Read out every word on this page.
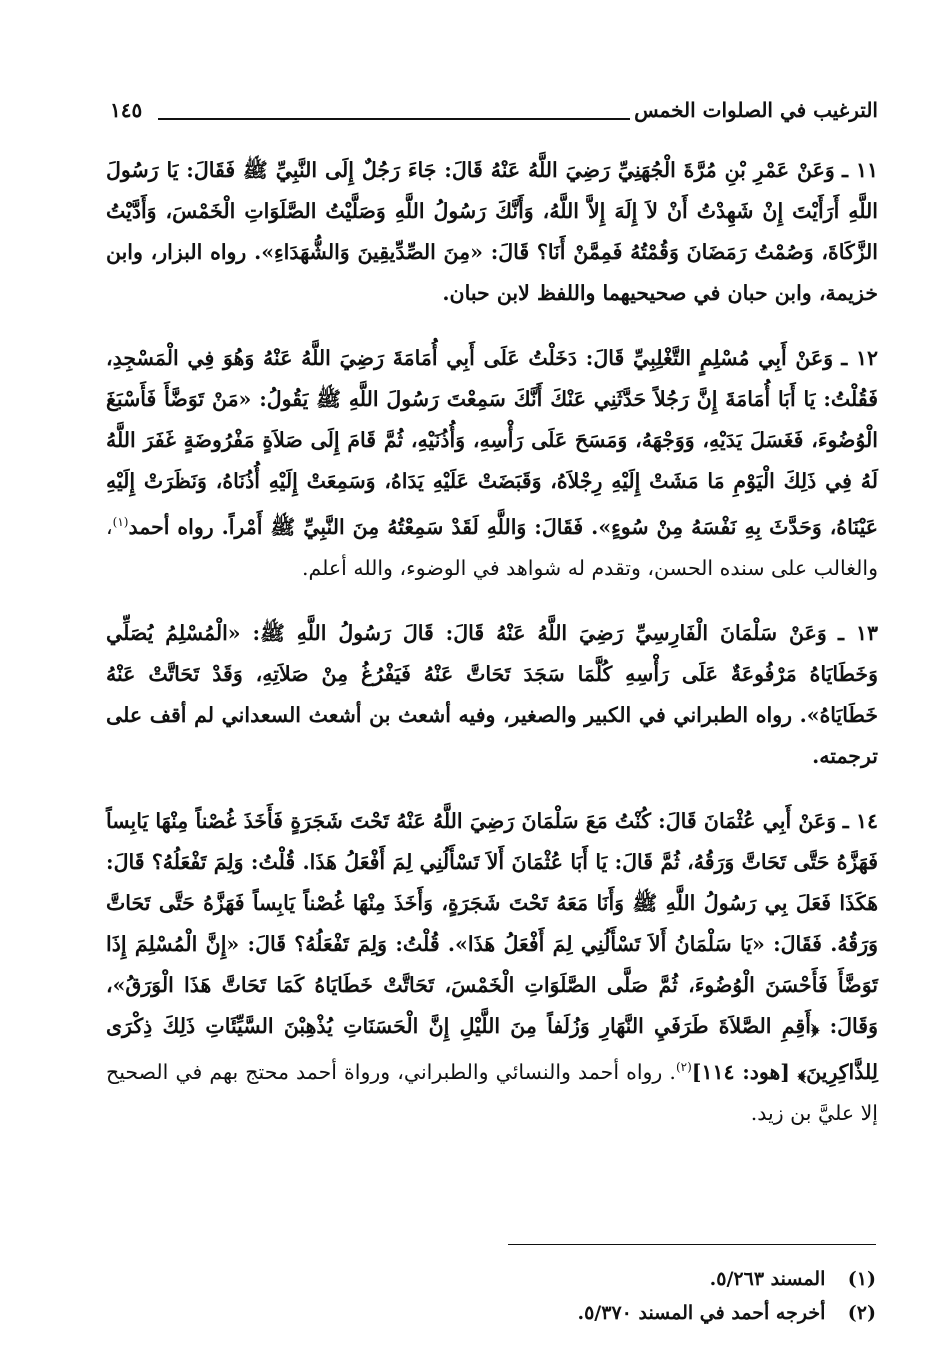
الترغيب في الصلوات الخمس
١٤٥

١١ ـ وَعَنْ عَمْرِ بْنِ مُرَّةَ الْجُهَنِيِّ رَضِيَ اللَّهُ عَنْهُ قَالَ: جَاءَ رَجُلٌ إِلَى النَّبِيِّ ﷺ فَقَالَ: يَا رَسُولَ اللَّهِ أَرَأَيْتَ إِنْ شَهِدْتُ أَنْ لاَ إِلَهَ إِلاَّ اللَّهُ، وَأَنَّكَ رَسُولُ اللَّهِ وَصَلَّيْتُ الصَّلَوَاتِ الْخَمْسَ، وَأَدَّيْتُ الزَّكَاةَ، وَصُمْتُ رَمَضَانَ وَقُمْتُهُ فَمِمَّنْ أَنَا؟ قَالَ: «مِنَ الصِّدِّيقِينَ وَالشُّهَدَاءِ». رواه البزار، وابن خزيمة، وابن حبان في صحيحيهما واللفظ لابن حبان.

١٢ ـ وَعَنْ أَبِي مُسْلِمٍ التَّغْلِبِيِّ قَالَ: دَخَلْتُ عَلَى أَبِي أُمَامَةَ رَضِيَ اللَّهُ عَنْهُ وَهُوَ فِي الْمَسْجِدِ، فَقُلْتُ: يَا أَبَا أُمَامَةَ إِنَّ رَجُلاً حَدَّثَنِي عَنْكَ أَنَّكَ سَمِعْتَ رَسُولَ اللَّهِ ﷺ يَقُولُ: «مَنْ تَوَضَّأَ فَأَسْبَغَ الْوُضُوءَ، فَغَسَلَ يَدَيْهِ، وَوَجْهَهُ، وَمَسَحَ عَلَى رَأْسِهِ، وَأُذُنَيْهِ، ثُمَّ قَامَ إِلَى صَلاَةٍ مَفْرُوضَةٍ غَفَرَ اللَّهُ لَهُ فِي ذَلِكَ الْيَوْمِ مَا مَشَتْ إِلَيْهِ رِجْلاَهُ، وَقَبَضَتْ عَلَيْهِ يَدَاهُ، وَسَمِعَتْ إِلَيْهِ أُذُنَاهُ، وَنَظَرَتْ إِلَيْهِ عَيْنَاهُ، وَحَدَّثَ بِهِ نَفْسَهُ مِنْ سُوءٍ». فَقَالَ: وَاللَّهِ لَقَدْ سَمِعْتُهُ مِنَ النَّبِيِّ ﷺ أَمْراً. رواه أحمد$^{(١)}$، والغالب على سنده الحسن، وتقدم له شواهد في الوضوء، والله أعلم.

١٣ ـ وَعَنْ سَلْمَانَ الْفَارِسِيِّ رَضِيَ اللَّهُ عَنْهُ قَالَ: قَالَ رَسُولُ اللَّهِ ﷺ: «الْمُسْلِمُ يُصَلِّي وَخَطَايَاهُ مَرْفُوعَةٌ عَلَى رَأْسِهِ كُلَّمَا سَجَدَ تَحَاتَّ عَنْهُ فَيَفْرُغُ مِنْ صَلاَتِهِ، وَقَدْ تَحَاتَّتْ عَنْهُ خَطَايَاهُ». رواه الطبراني في الكبير والصغير، وفيه أشعث بن أشعث السعداني لم أقف على ترجمته.

١٤ ـ وَعَنْ أَبِي عُثْمَانَ قَالَ: كُنْتُ مَعَ سَلْمَانَ رَضِيَ اللَّهُ عَنْهُ تَحْتَ شَجَرَةٍ فَأَخَذَ غُصْناً مِنْهَا يَابِساً فَهَزَّهُ حَتَّى تَحَاتَّ وَرَقُهُ، ثُمَّ قَالَ: يَا أَبَا عُثْمَانَ أَلاَ تَسْأَلُنِي لِمَ أَفْعَلُ هَذَا. قُلْتُ: وَلِمَ تَفْعَلُهُ؟ قَالَ: هَكَذَا فَعَلَ بِي رَسُولُ اللَّهِ ﷺ وَأَنَا مَعَهُ تَحْتَ شَجَرَةٍ، وَأَخَذَ مِنْهَا غُصْناً يَابِساً فَهَزَّهُ حَتَّى تَحَاتَّ وَرَقُهُ. فَقَالَ: «يَا سَلْمَانُ أَلاَ تَسْأَلُنِي لِمَ أَفْعَلُ هَذَا». قُلْتُ: وَلِمَ تَفْعَلُهُ؟ قَالَ: «إِنَّ الْمُسْلِمَ إِذَا تَوَضَّأَ فَأَحْسَنَ الْوُضُوءَ، ثُمَّ صَلَّى الصَّلَوَاتِ الْخَمْسَ، تَحَاتَّتْ خَطَايَاهُ كَمَا تَحَاتَّ هَذَا الْوَرَقُ»، وَقَالَ: ﴿أَقِمِ الصَّلاَةَ طَرَفَيِ النَّهَارِ وَزُلَفاً مِنَ اللَّيْلِ إِنَّ الْحَسَنَاتِ يُذْهِبْنَ السَّيِّئَاتِ ذَلِكَ ذِكْرَى لِلذَّاكِرِينَ﴾ [هود: ١١٤]$^{(٢)}$. رواه أحمد والنسائي والطبراني، ورواة أحمد محتج بهم في الصحيح إلا عليَّ بن زيد.

(١) المسند ٥/٢٦٣.
(٢) أخرجه أحمد في المسند ٥/٣٧٠.
